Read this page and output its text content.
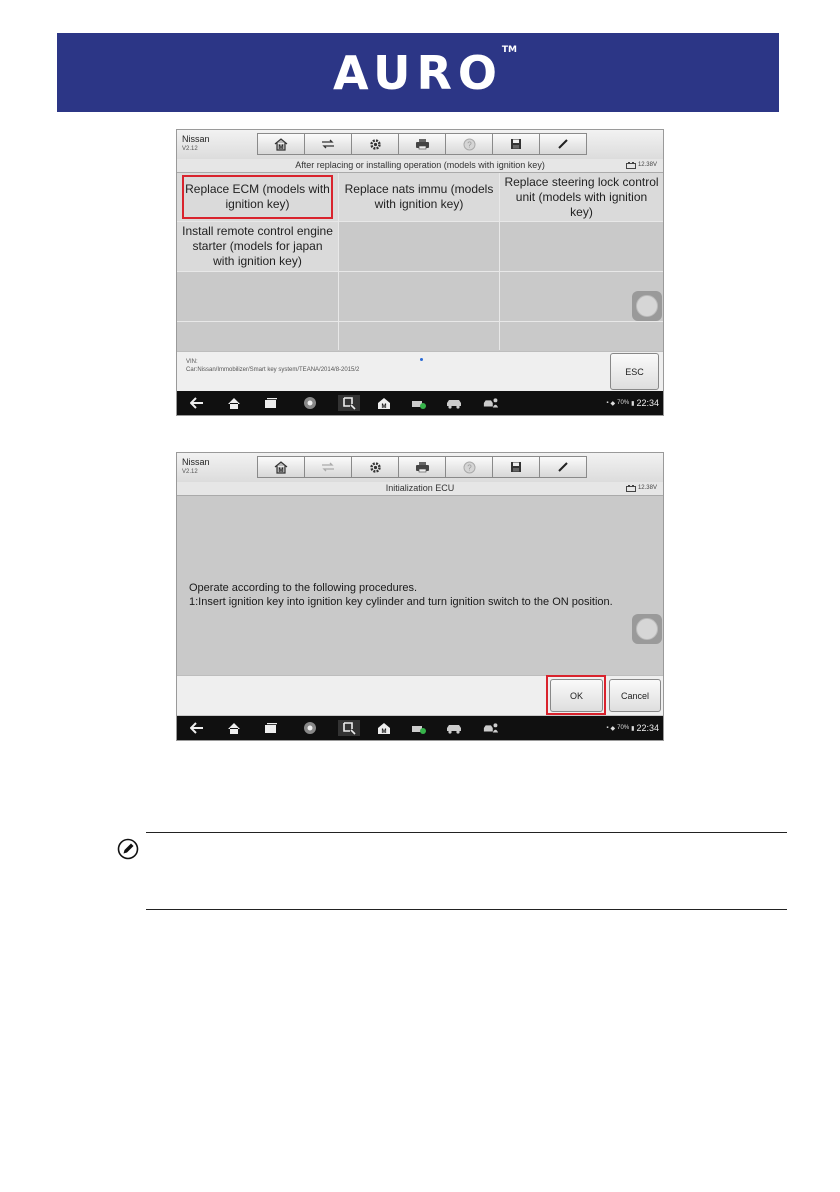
AURO
TM
Nissan
V2.12	M	?
After replacing or installing operation (models with ignition key)	12.38V
Replace ECM (models with ignition key)
Replace nats immu (models with ignition key)
Replace steering lock control unit (models with ignition key)
Install remote control engine starter (models for japan with ignition key)
VIN:
Car:Nissan/Immobilizer/Smart key system/TEANA/2014/8-2015/2	ESC
M
▪ ◆ 70% ▮ 22:34
Nissan
V2.12	M	?
Initialization ECU	12.38V
Operate according to the following procedures.
1:Insert ignition key into ignition key cylinder and turn ignition switch to the ON position.
OK	Cancel
M
▪ ◆ 70% ▮ 22:34
